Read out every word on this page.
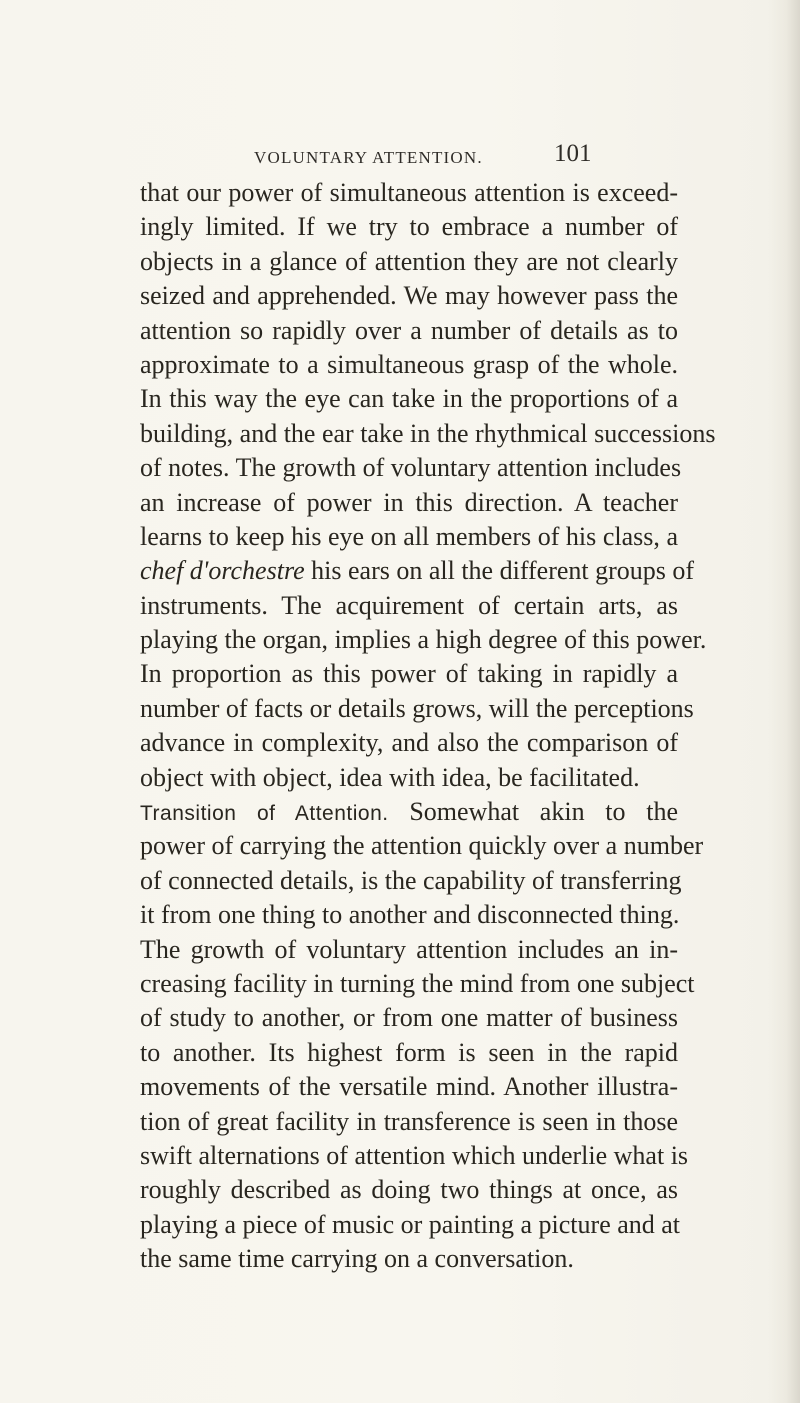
VOLUNTARY ATTENTION.	101
that our power of simultaneous attention is exceed-
ingly limited. If we try to embrace a number of
objects in a glance of attention they are not clearly
seized and apprehended. We may however pass the
attention so rapidly over a number of details as to
approximate to a simultaneous grasp of the whole.
In this way the eye can take in the proportions of a
building, and the ear take in the rhythmical successions
of notes. The growth of voluntary attention includes
an increase of power in this direction. A teacher
learns to keep his eye on all members of his class, a
chef d'orchestre his ears on all the different groups of
instruments. The acquirement of certain arts, as
playing the organ, implies a high degree of this power.
In proportion as this power of taking in rapidly a
number of facts or details grows, will the perceptions
advance in complexity, and also the comparison of
object with object, idea with idea, be facilitated.
Transition of Attention. Somewhat akin to the
power of carrying the attention quickly over a number
of connected details, is the capability of transferring
it from one thing to another and disconnected thing.
The growth of voluntary attention includes an in-
creasing facility in turning the mind from one subject
of study to another, or from one matter of business
to another. Its highest form is seen in the rapid
movements of the versatile mind. Another illustra-
tion of great facility in transference is seen in those
swift alternations of attention which underlie what is
roughly described as doing two things at once, as
playing a piece of music or painting a picture and at
the same time carrying on a conversation.
